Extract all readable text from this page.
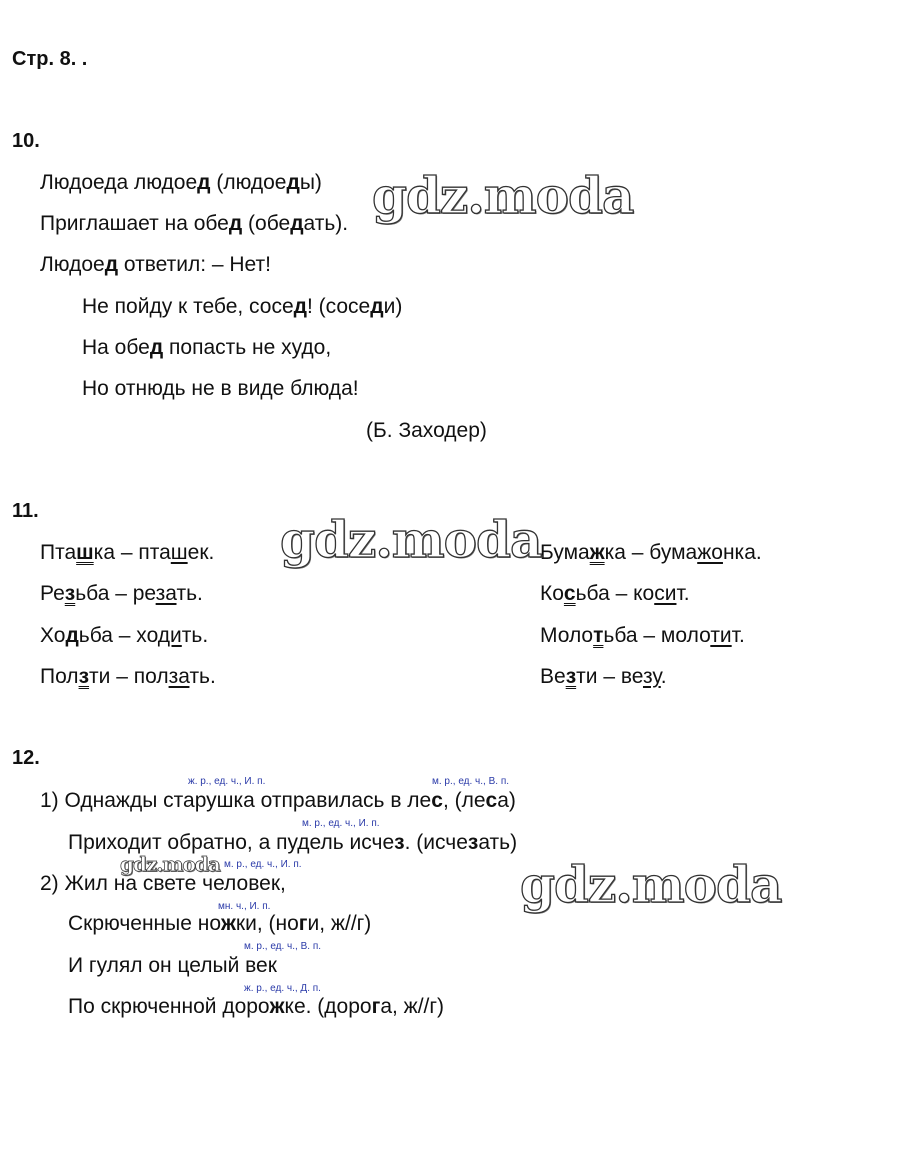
Стр. 8. .
10.
Людоеда людоед (людоеды)
Приглашает на обед (обедать).
Людоед ответил: – Нет!
Не пойду к тебе, сосед! (соседи)
На обед попасть не худо,
Но отнюдь не в виде блюда!
(Б. Заходер)
11.
Пташка – пташек.
Резьба – резать.
Ходьба – ходить.
Ползти – ползать.
Бумажка – бумажонка.
Косьба – косит.
Молотьба – молотит.
Везти – везу.
12.
ж. р., ед. ч., И. п.	м. р., ед. ч., В. п.
1) Однажды старушка отправилась в лес, (леса)
м. р., ед. ч., И. п.
Приходит обратно, а пудель исчез. (исчезать)
м. р., ед. ч., И. п.
2) Жил на свете человек,
мн. ч., И. п.
Скрюченные ножки, (ноги, ж//г)
м. р., ед. ч., В. п.
И гулял он целый век
ж. р., ед. ч., Д. п.
По скрюченной дорожке. (дорога, ж//г)
gdz.moda
gdz.moda
gdz.moda	gdz.moda
